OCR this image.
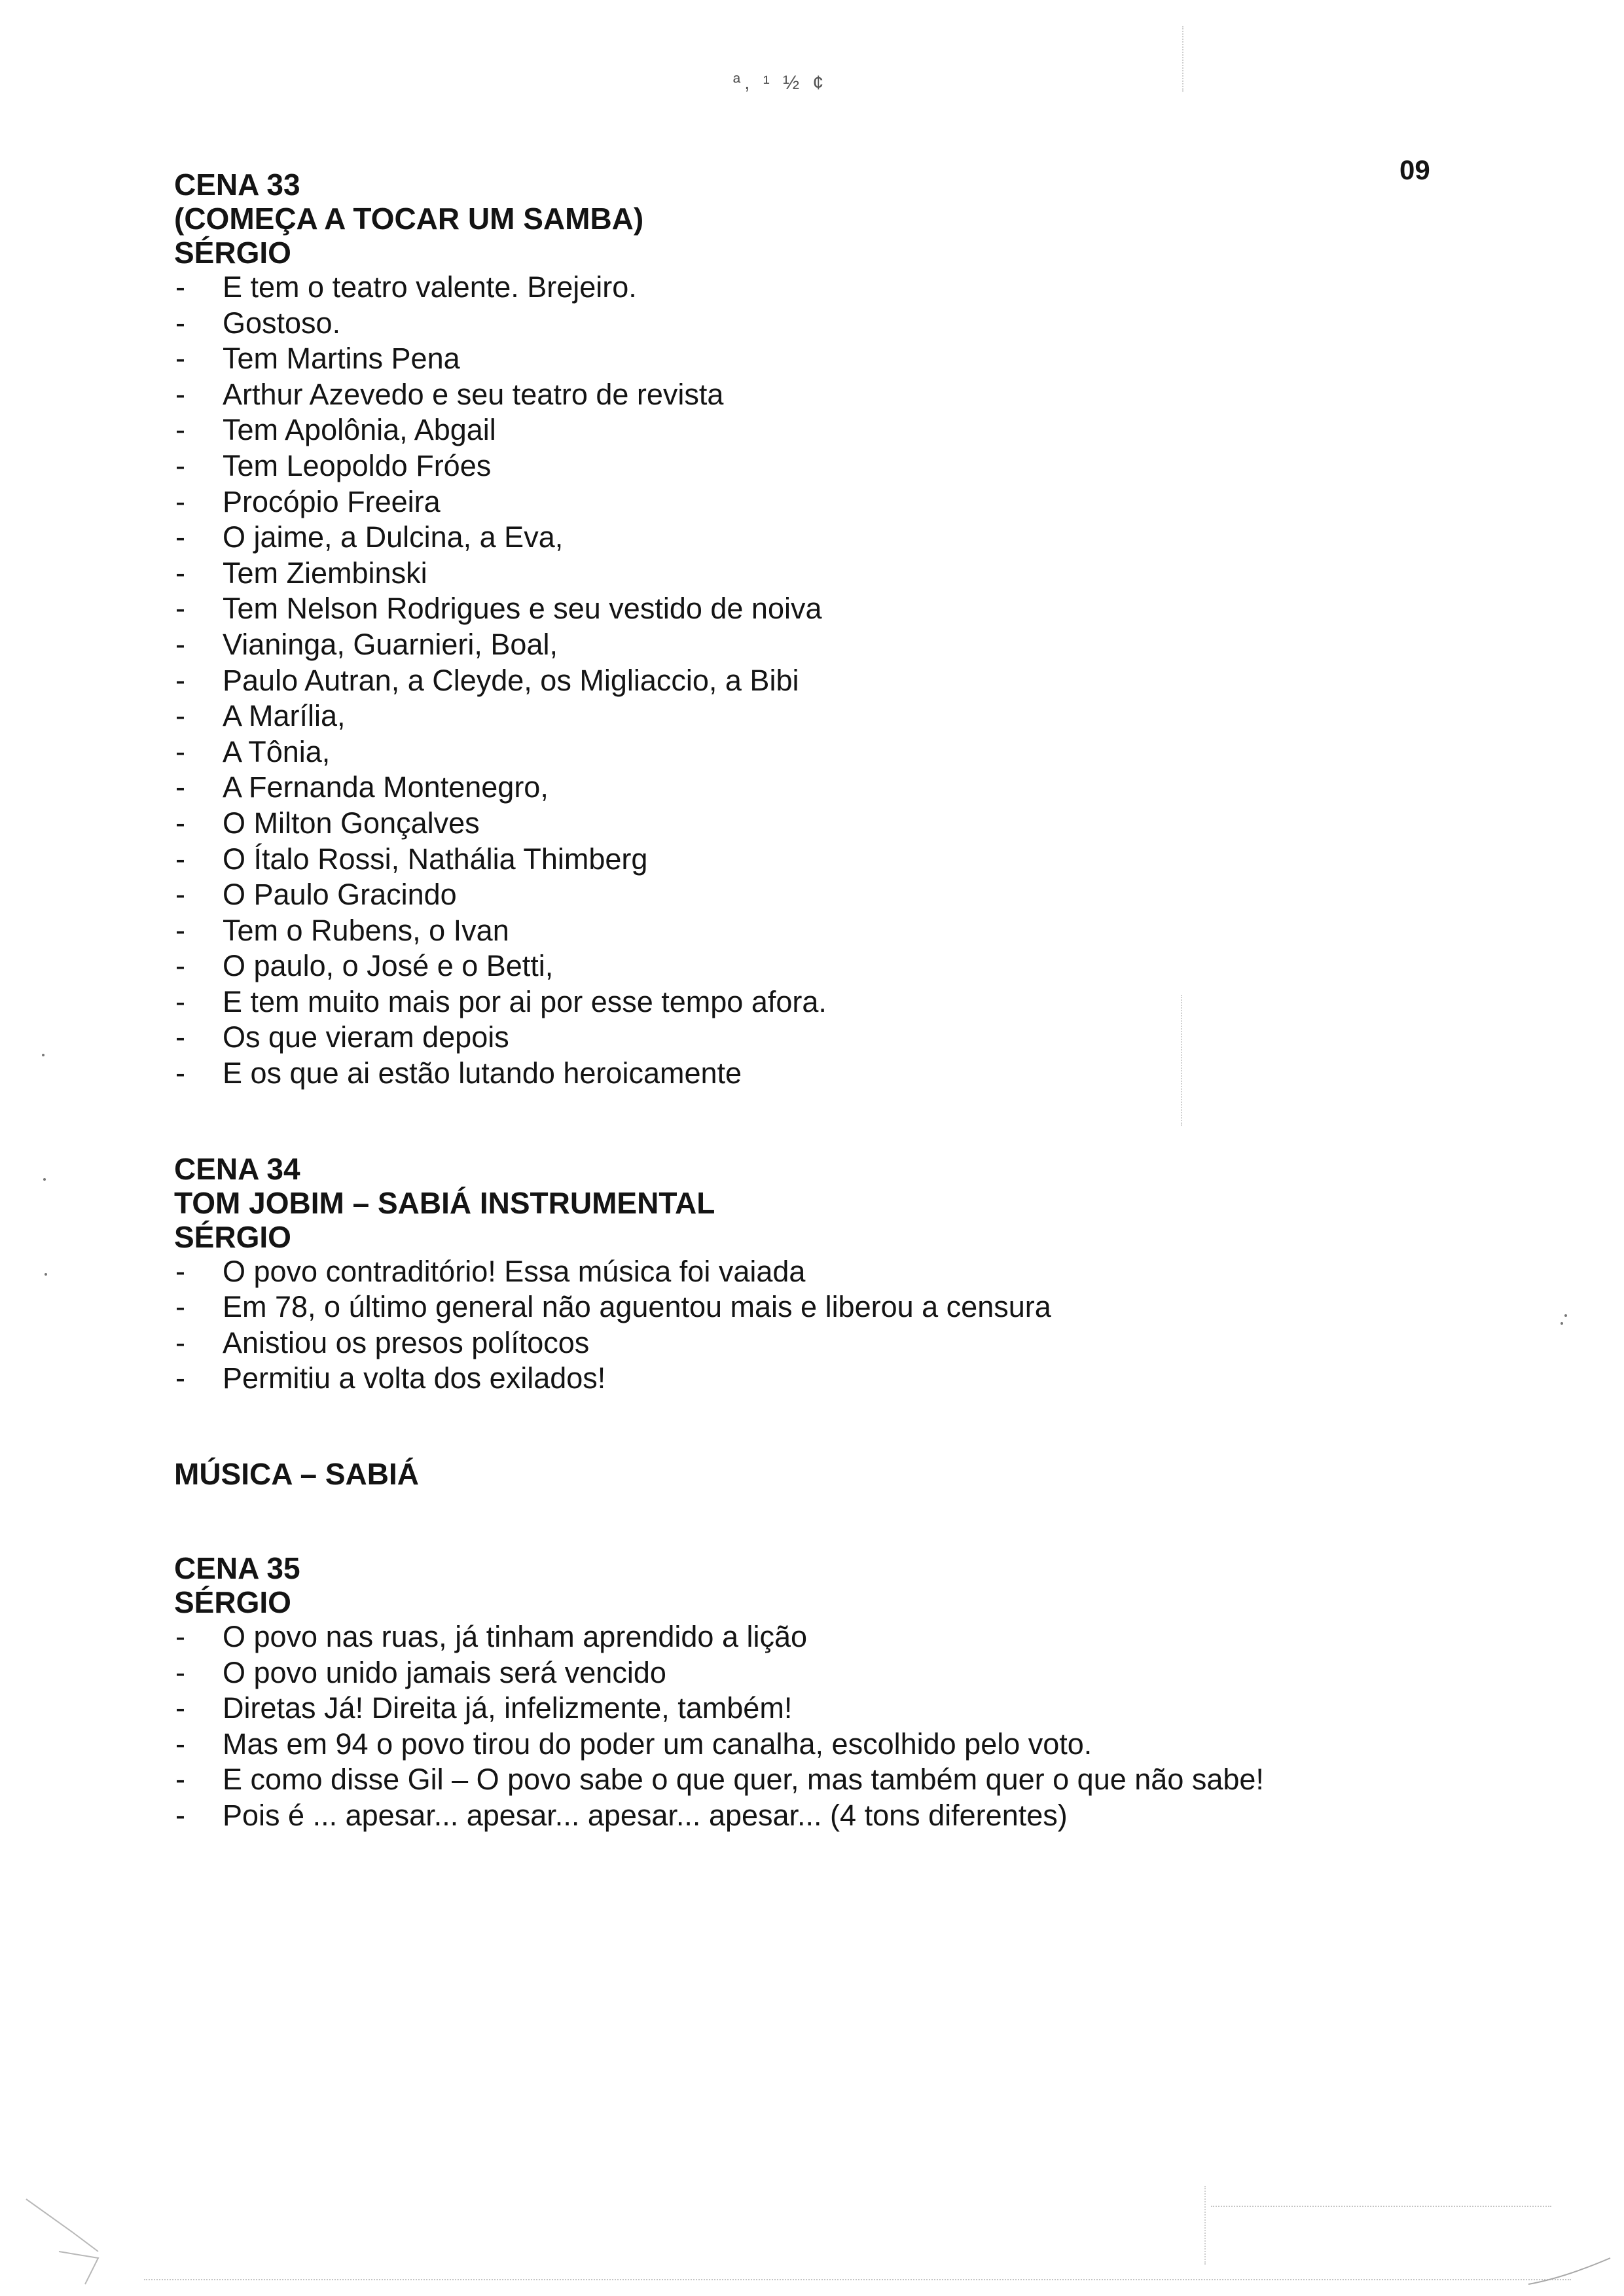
ª, ¹ ½ ¢

09

CENA 33

(COMEÇA A TOCAR UM SAMBA)

SÉRGIO

- E tem o teatro valente. Brejeiro.
- Gostoso.
- Tem Martins Pena
- Arthur Azevedo e seu teatro de revista
- Tem Apolônia, Abgail
- Tem Leopoldo Fróes
- Procópio Freeira
- O jaime, a Dulcina, a Eva,
- Tem Ziembinski
- Tem Nelson Rodrigues e seu vestido de noiva
- Vianinga, Guarnieri, Boal,
- Paulo Autran, a Cleyde, os Migliaccio, a Bibi
- A Marília,
- A Tônia,
- A Fernanda Montenegro,
- O Milton Gonçalves
- O Ítalo Rossi, Nathália Thimberg
- O Paulo Gracindo
- Tem o Rubens, o Ivan
- O paulo, o José e o Betti,
- E tem muito mais por ai por esse tempo afora.
- Os que vieram depois
- E os que ai estão lutando heroicamente

CENA 34

TOM JOBIM – SABIÁ INSTRUMENTAL

SÉRGIO

- O povo contraditório! Essa música foi vaiada
- Em 78, o último general não aguentou mais e liberou a censura
- Anistiou os presos polítocos
- Permitiu a volta dos exilados!

MÚSICA – SABIÁ

CENA 35

SÉRGIO

- O povo nas ruas, já tinham aprendido a lição
- O povo unido jamais será vencido
- Diretas Já! Direita já, infelizmente, também!
- Mas em 94 o povo tirou do poder um canalha, escolhido pelo voto.
- E como disse Gil – O povo sabe o que quer, mas também quer o que não sabe!
- Pois é ... apesar... apesar... apesar... apesar... (4 tons diferentes)
